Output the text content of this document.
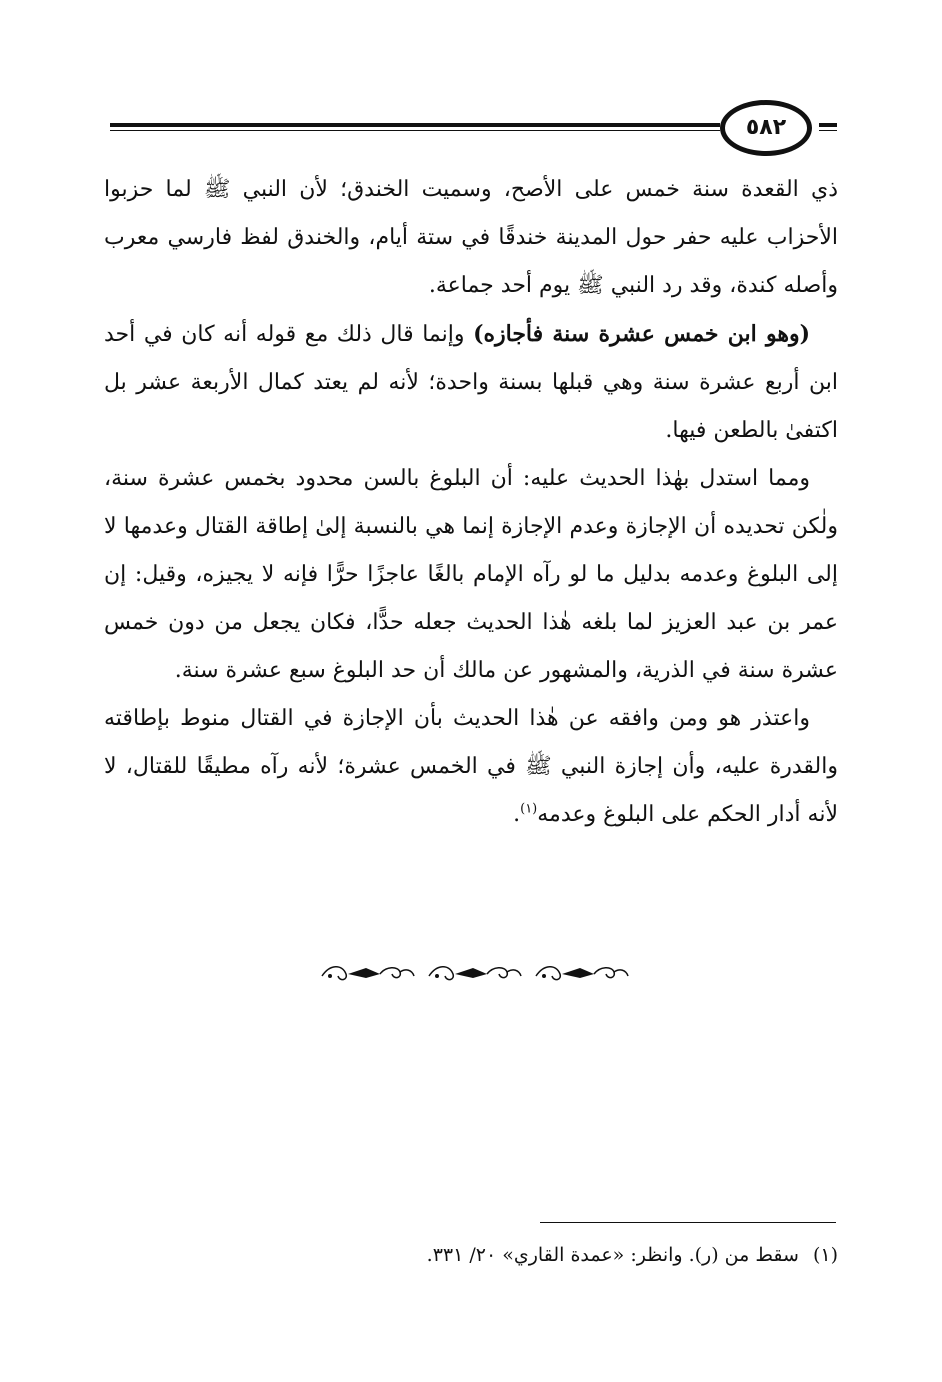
٥٨٢

ذي القعدة سنة خمس على الأصح، وسميت الخندق؛ لأن النبي ﷺ لما حزبوا الأحزاب عليه حفر حول المدينة خندقًا في ستة أيام، والخندق لفظ فارسي معرب وأصله كندة، وقد رد النبي ﷺ يوم أحد جماعة.

(وهو ابن خمس عشرة سنة فأجازه) وإنما قال ذلك مع قوله أنه كان في أحد ابن أربع عشرة سنة وهي قبلها بسنة واحدة؛ لأنه لم يعتد كمال الأربعة عشر بل اكتفىٰ بالطعن فيها.

ومما استدل بهٰذا الحديث عليه: أن البلوغ بالسن محدود بخمس عشرة سنة، ولٰكن تحديده أن الإجازة وعدم الإجازة إنما هي بالنسبة إلىٰ إطاقة القتال وعدمها لا إلى البلوغ وعدمه بدليل ما لو رآه الإمام بالغًا عاجزًا حرًّا فإنه لا يجيزه، وقيل: إن عمر بن عبد العزيز لما بلغه هٰذا الحديث جعله حدًّا، فكان يجعل من دون خمس عشرة سنة في الذرية، والمشهور عن مالك أن حد البلوغ سبع عشرة سنة.

واعتذر هو ومن وافقه عن هٰذا الحديث بأن الإجازة في القتال منوط بإطاقته والقدرة عليه، وأن إجازة النبي ﷺ في الخمس عشرة؛ لأنه رآه مطيقًا للقتال، لا لأنه أدار الحكم على البلوغ وعدمه$^{(١)}$.

(١)سقط من (ر). وانظر: «عمدة القاري» ٢٠/ ٣٣١.
